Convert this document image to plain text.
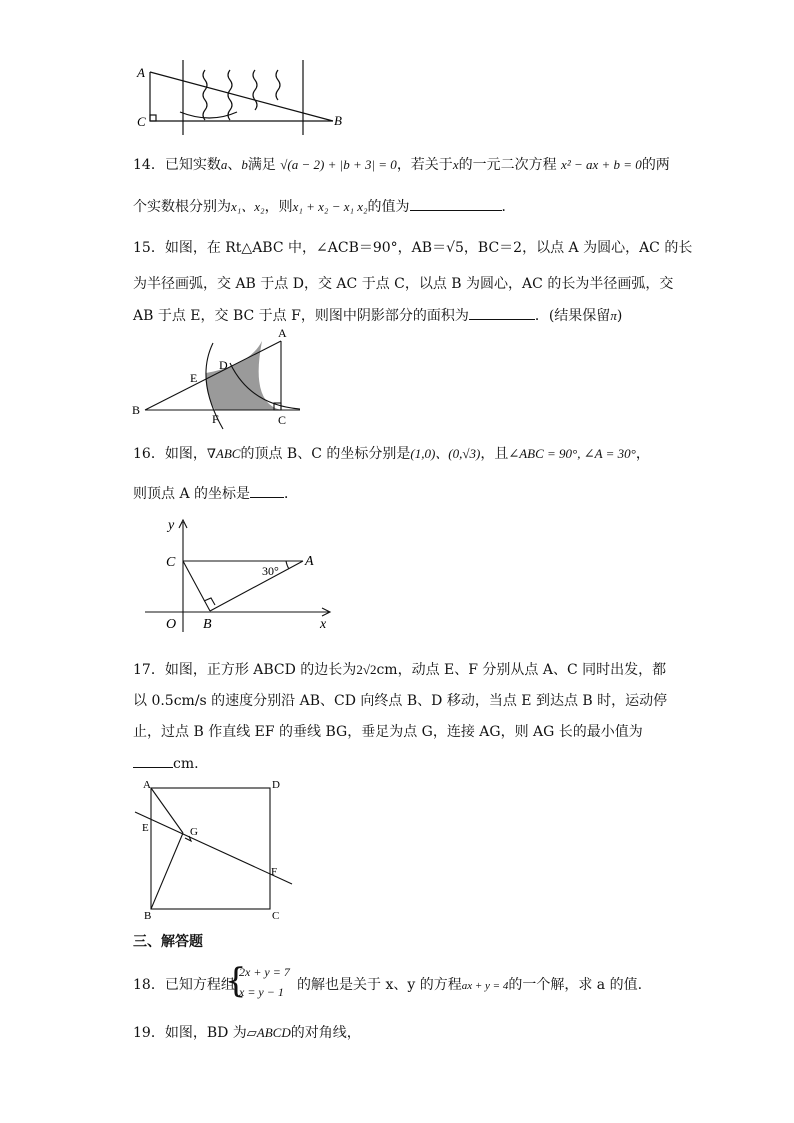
A
C	B
14．已知实数a、b满足 √(a − 2) + |b + 3| = 0，若关于x的一元二次方程 x² − ax + b = 0的两
个实数根分别为x₁、x₂，则x₁ + x₂ − x₁ x₂的值为	．
15．如图，在 Rt△ABC 中，∠ACB＝90°，AB＝√5，BC＝2，以点 A 为圆心，AC 的长
为半径画弧，交 AB 于点 D，交 AC 于点 C，以点 B 为圆心，AC 的长为半径画弧，交
AB 于点 E，交 BC 于点 F，则图中阴影部分的面积为	．(结果保留π)
A
D
E
B
F	C
16．如图，∇ABC的顶点 B、C 的坐标分别是(1,0)、(0,√3)，且∠ABC = 90°, ∠A = 30°，
则顶点 A 的坐标是 ．
y
C
30°
A
O B	x
17．如图，正方形 ABCD 的边长为2√2cm，动点 E、F 分别从点 A、C 同时出发，都
以 0.5cm/s 的速度分别沿 AB、CD 向终点 B、D 移动，当点 E 到达点 B 时，运动停
止，过点 B 作直线 EF 的垂线 BG，垂足为点 G，连接 AG，则 AG 长的最小值为
cm.
A	D
E	G
F
B	C
三、解答题
18．已知方程组
{
2x + y = 7
x = y − 1 的解也是关于 x、y 的方程ax + y = 4的一个解，求 a 的值.
19．如图，BD 为▱ABCD的对角线，
